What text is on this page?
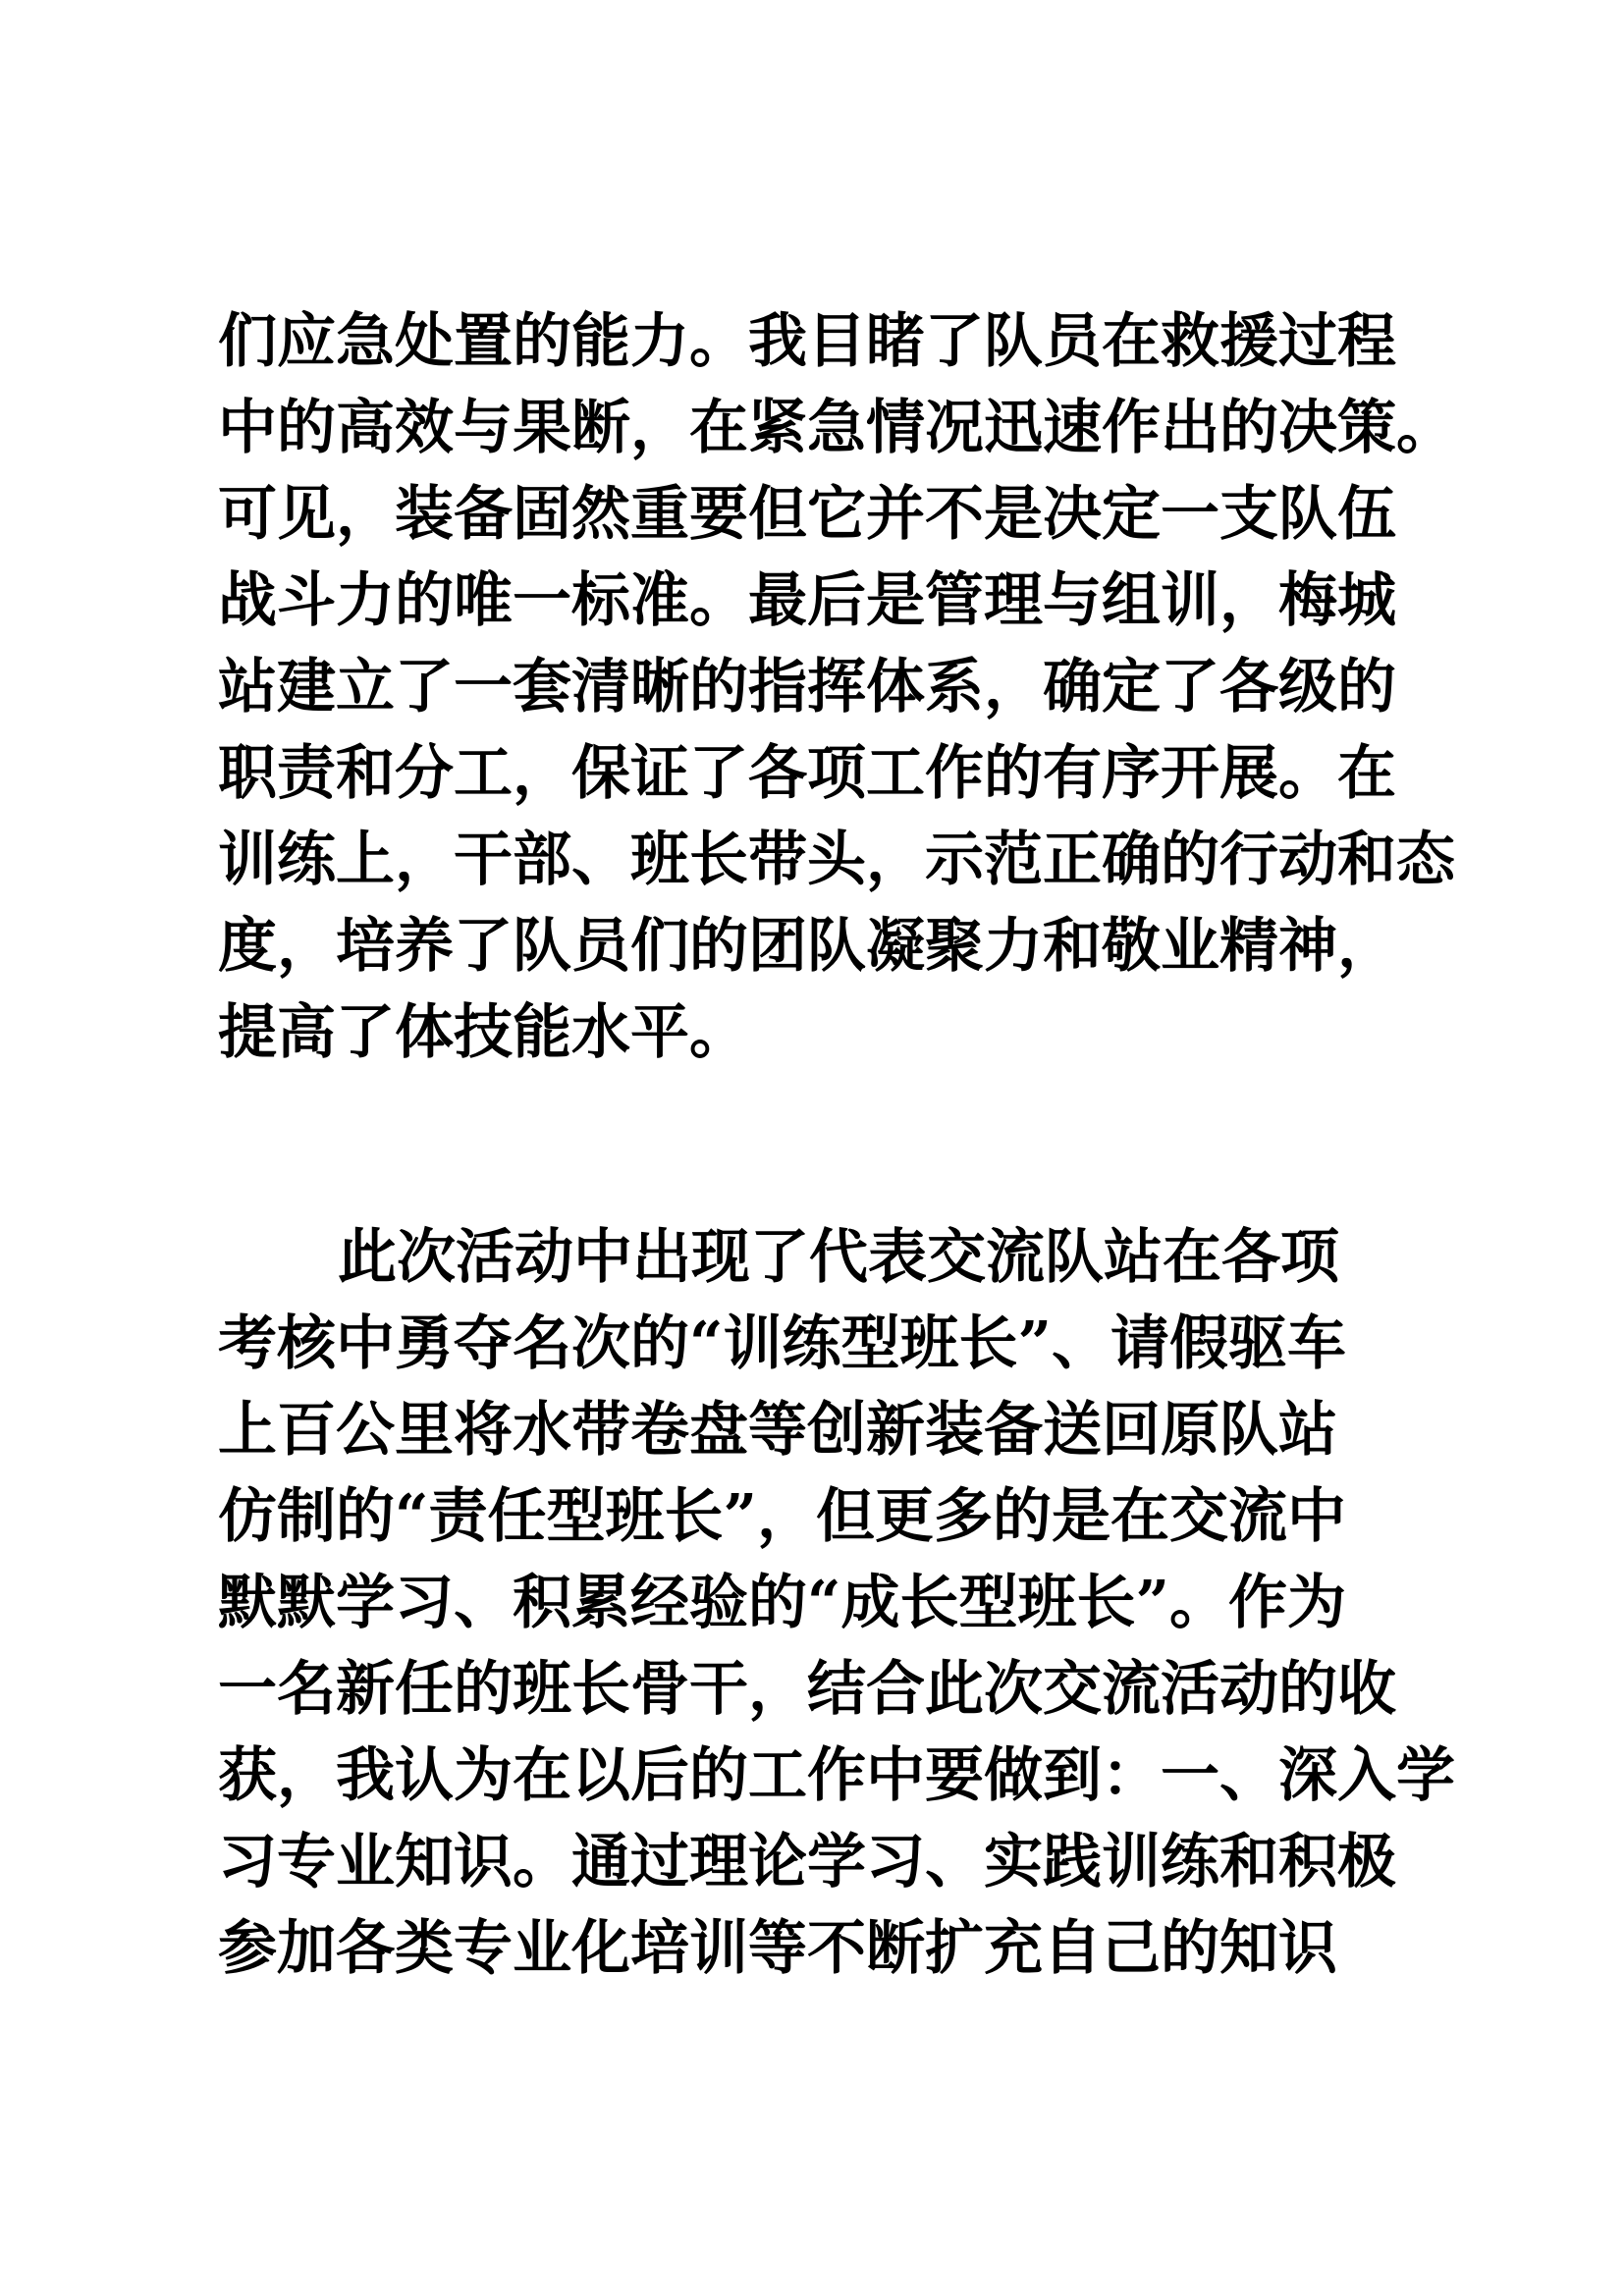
们应急处置的能力。我目睹了队员在救援过程
中的高效与果断，在紧急情况迅速作出的决策。
可见，装备固然重要但它并不是决定一支队伍
战斗力的唯一标准。最后是管理与组训，梅城
站建立了一套清晰的指挥体系，确定了各级的
职责和分工，保证了各项工作的有序开展。在
训练上，干部、班长带头，示范正确的行动和态
度，培养了队员们的团队凝聚力和敬业精神，
提高了体技能水平。
此次活动中出现了代表交流队站在各项
考核中勇夺名次的“训练型班长”、请假驱车
上百公里将水带卷盘等创新装备送回原队站
仿制的“责任型班长”，但更多的是在交流中
默默学习、积累经验的“成长型班长”。作为
一名新任的班长骨干，结合此次交流活动的收
获，我认为在以后的工作中要做到：一、深入学
习专业知识。通过理论学习、实践训练和积极
参加各类专业化培训等不断扩充自己的知识
